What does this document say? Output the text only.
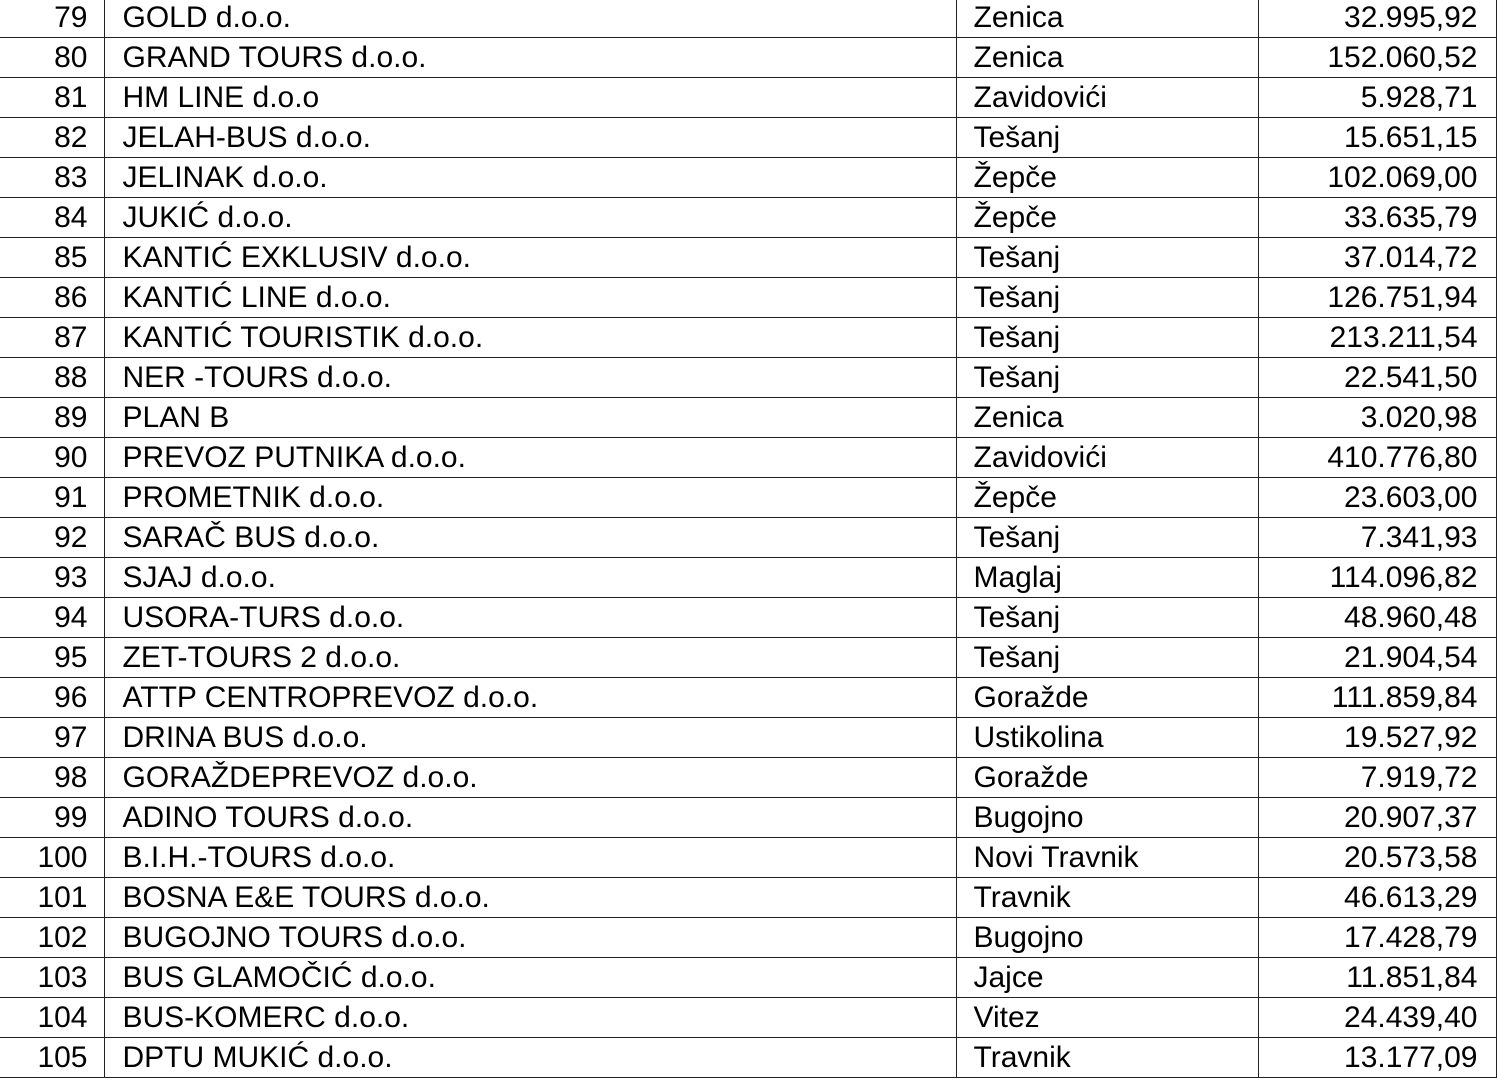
79	GOLD d.o.o.	Zenica	32.995,92
80	GRAND TOURS d.o.o.	Zenica	152.060,52
81	HM LINE d.o.o	Zavidovići	5.928,71
82	JELAH-BUS d.o.o.	Tešanj	15.651,15
83	JELINAK d.o.o.	Žepče	102.069,00
84	JUKIĆ d.o.o.	Žepče	33.635,79
85	KANTIĆ EXKLUSIV d.o.o.	Tešanj	37.014,72
86	KANTIĆ LINE d.o.o.	Tešanj	126.751,94
87	KANTIĆ TOURISTIK d.o.o.	Tešanj	213.211,54
88	NER -TOURS d.o.o.	Tešanj	22.541,50
89	PLAN B	Zenica	3.020,98
90	PREVOZ PUTNIKA d.o.o.	Zavidovići	410.776,80
91	PROMETNIK d.o.o.	Žepče	23.603,00
92	SARAČ BUS d.o.o.	Tešanj	7.341,93
93	SJAJ d.o.o.	Maglaj	114.096,82
94	USORA-TURS d.o.o.	Tešanj	48.960,48
95	ZET-TOURS 2 d.o.o.	Tešanj	21.904,54
96	ATTP CENTROPREVOZ d.o.o.	Goražde	111.859,84
97	DRINA BUS d.o.o.	Ustikolina	19.527,92
98	GORAŽDEPREVOZ d.o.o.	Goražde	7.919,72
99	ADINO TOURS d.o.o.	Bugojno	20.907,37
100	B.I.H.-TOURS d.o.o.	Novi Travnik	20.573,58
101	BOSNA E&E TOURS d.o.o.	Travnik	46.613,29
102	BUGOJNO TOURS d.o.o.	Bugojno	17.428,79
103	BUS GLAMOČIĆ d.o.o.	Jajce	11.851,84
104	BUS-KOMERC d.o.o.	Vitez	24.439,40
105	DPTU MUKIĆ d.o.o.	Travnik	13.177,09
